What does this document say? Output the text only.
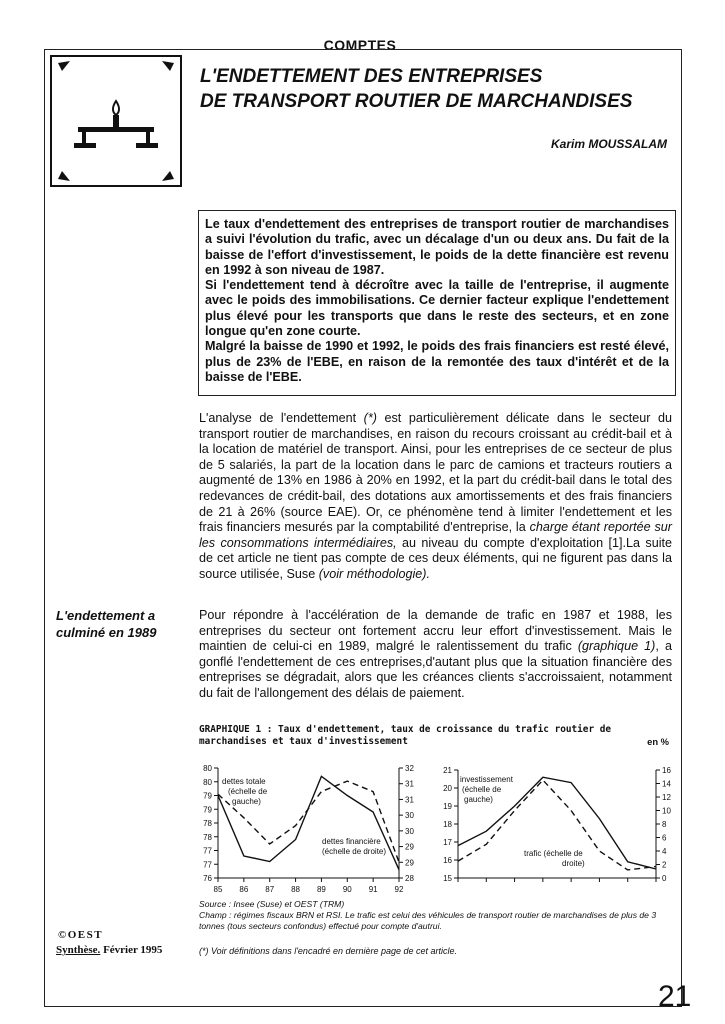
COMPTES
L'ENDETTEMENT DES ENTREPRISES
DE TRANSPORT ROUTIER DE MARCHANDISES
Karim MOUSSALAM

Le taux d'endettement des entreprises de transport routier de marchandises a suivi l'évolution du trafic, avec un décalage d'un ou deux ans. Du fait de la baisse de l'effort d'investissement, le poids de la dette financière est revenu en 1992 à son niveau de 1987.

Si l'endettement tend à décroître avec la taille de l'entreprise, il augmente avec le poids des immobilisations. Ce dernier facteur explique l'endettement plus élevé pour les transports que dans le reste des secteurs, et en zone longue qu'en zone courte.

Malgré la baisse de 1990 et 1992, le poids des frais financiers est resté élevé, plus de 23% de l'EBE, en raison de la remontée des taux d'intérêt et de la baisse de l'EBE.

L'analyse de l'endettement (*) est particulièrement délicate dans le secteur du transport routier de marchandises, en raison du recours croissant au crédit-bail et à la location de matériel de transport. Ainsi, pour les entreprises de ce secteur de plus de 5 salariés, la part de la location dans le parc de camions et tracteurs routiers a augmenté de 13% en 1986 à 20% en 1992, et la part du crédit-bail dans le total des redevances de crédit-bail, des dotations aux amortissements et des frais financiers de 21 à 26% (source EAE). Or, ce phénomène tend à limiter l'endettement et les frais financiers mesurés par la comptabilité d'entreprise, la charge étant reportée sur les consommations intermédiaires, au niveau du compte d'exploitation [1].La suite de cet article ne tient pas compte de ces deux éléments, qui ne figurent pas dans la source utilisée, Suse (voir méthodologie).
L'endettement a culminé en 1989
Pour répondre à l'accélération de la demande de trafic en 1987 et 1988, les entreprises du secteur ont fortement accru leur effort d'investissement. Mais le maintien de celui-ci en 1989, malgré le ralentissement du trafic (graphique 1), a gonflé l'endettement de ces entreprises,d'autant plus que la situation financière des entreprises se dégradait, alors que les créances clients s'accroissaient, notamment du fait de l'allongement des délais de paiement.
GRAPHIQUE 1 : Taux d'endettement, taux de croissance du trafic routier de marchandises et taux d'investissement	en %
80
80
79
79
78
78
77
77
76
32
31
31
30
30
29
29
28
85 86 87 88 89 90 91 92
dettes totale
(échelle de
gauche)
dettes financière
(échelle de droite)
21
20
19
18
17
16
15
16
14
12
10
8
6
4
2
0
investissement
(échelle de
gauche)
trafic (échelle de
droite)
Source : Insee (Suse) et OEST (TRM)
Champ : régimes fiscaux BRN et RSI. Le trafic est celui des véhicules de transport routier de marchandises de plus de 3 tonnes (tous secteurs confondus) effectué pour compte d'autrui.
(*) Voir définitions dans l'encadré en dernière page de cet article.
©OEST
Synthèse. Février 1995
21
